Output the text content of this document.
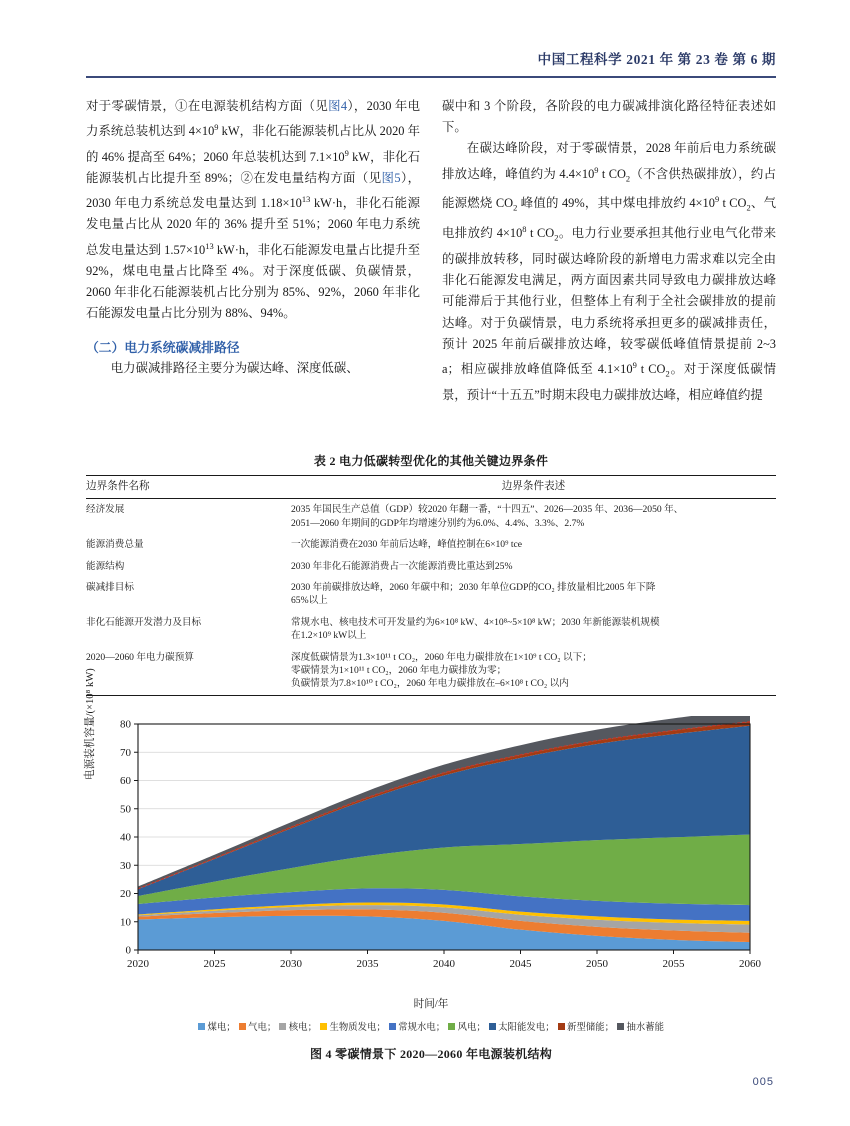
中国工程科学 2021 年 第 23 卷 第 6 期

对于零碳情景，①在电源装机结构方面（见图4），2030 年电力系统总装机达到 $4\times 10^9$ kW，非化石能源装机占比从 2020 年的 46% 提高至 64%；2060 年总装机达到 $7.1\times 10^9$ kW，非化石能源装机占比提升至 89%；②在发电量结构方面（见图5），2030 年电力系统总发电量达到 $1.18\times 10^{13}$ kW·h，非化石能源发电量占比从 2020 年的 36% 提升至 51%；2060 年电力系统总发电量达到 $1.57\times 10^{13}$ kW·h，非化石能源发电量占比提升至 92%，煤电电量占比降至 4%。对于深度低碳、负碳情景，2060 年非化石能源装机占比分别为 85%、92%，2060 年非化石能源发电量占比分别为 88%、94%。

（二）电力系统碳减排路径

电力碳减排路径主要分为碳达峰、深度低碳、

碳中和 3 个阶段，各阶段的电力碳减排演化路径特征表述如下。

在碳达峰阶段，对于零碳情景，2028 年前后电力系统碳排放达峰，峰值约为 $4.4\times 10^9$ t $CO_2$（不含供热碳排放），约占能源燃烧 $CO_2$ 峰值的 49%，其中煤电排放约 $4\times 10^9$ t $CO_2$、气电排放约 $4\times 10^8$ t $CO_2$。电力行业要承担其他行业电气化带来的碳排放转移，同时碳达峰阶段的新增电力需求难以完全由非化石能源发电满足，两方面因素共同导致电力碳排放达峰可能滞后于其他行业，但整体上有利于全社会碳排放的提前达峰。对于负碳情景，电力系统将承担更多的碳减排责任，预计 2025 年前后碳排放达峰，较零碳低峰值情景提前 2~3 a；相应碳排放峰值降低至 $4.1\times 10^9$ t $CO_2$。对于深度低碳情景，预计“十五五”时期末段电力碳排放达峰，相应峰值约提

表 2 电力低碳转型优化的其他关键边界条件
边界条件名称	边界条件表述
经济发展	2035 年国民生产总值（GDP）较2020 年翻一番，“十四五”、2026—2035 年、2036—2050 年、
2051—2060 年期间的GDP年均增速分别约为6.0%、4.4%、3.3%、2.7%

能源消费总量	一次能源消费在2030 年前后达峰，峰值控制在6×10⁹ tce

能源结构	2030 年非化石能源消费占一次能源消费比重达到25%

碳减排目标	2030 年前碳排放达峰，2060 年碳中和；2030 年单位GDP的CO₂ 排放量相比2005 年下降
65%以上

非化石能源开发潜力及目标	常规水电、核电技术可开发量约为6×10⁸ kW、4×10⁸~5×10⁸ kW；2030 年新能源装机规模
在1.2×10⁹ kW以上

2020—2060 年电力碳预算	深度低碳情景为1.3×10¹¹ t CO₂，2060 年电力碳排放在1×10⁹ t CO₂ 以下；
零碳情景为1×10¹¹ t CO₂，2060 年电力碳排放为零；
负碳情景为7.8×10¹⁰ t CO₂，2060 年电力碳排放在–6×10⁸ t CO₂ 以内
电源装机容量/(×10⁸ kW)
0
10
20
30
40
50
60
70
80
2020	2025	2030	2035	2040	2045	2050	2055	2060
时间/年
煤电 ； 气电 ； 核电 ； 生物质发电 ； 常规水电 ； 风电 ； 太阳能发电 ； 新型储能 ； 抽水蓄能
图 4 零碳情景下 2020—2060 年电源装机结构
005
